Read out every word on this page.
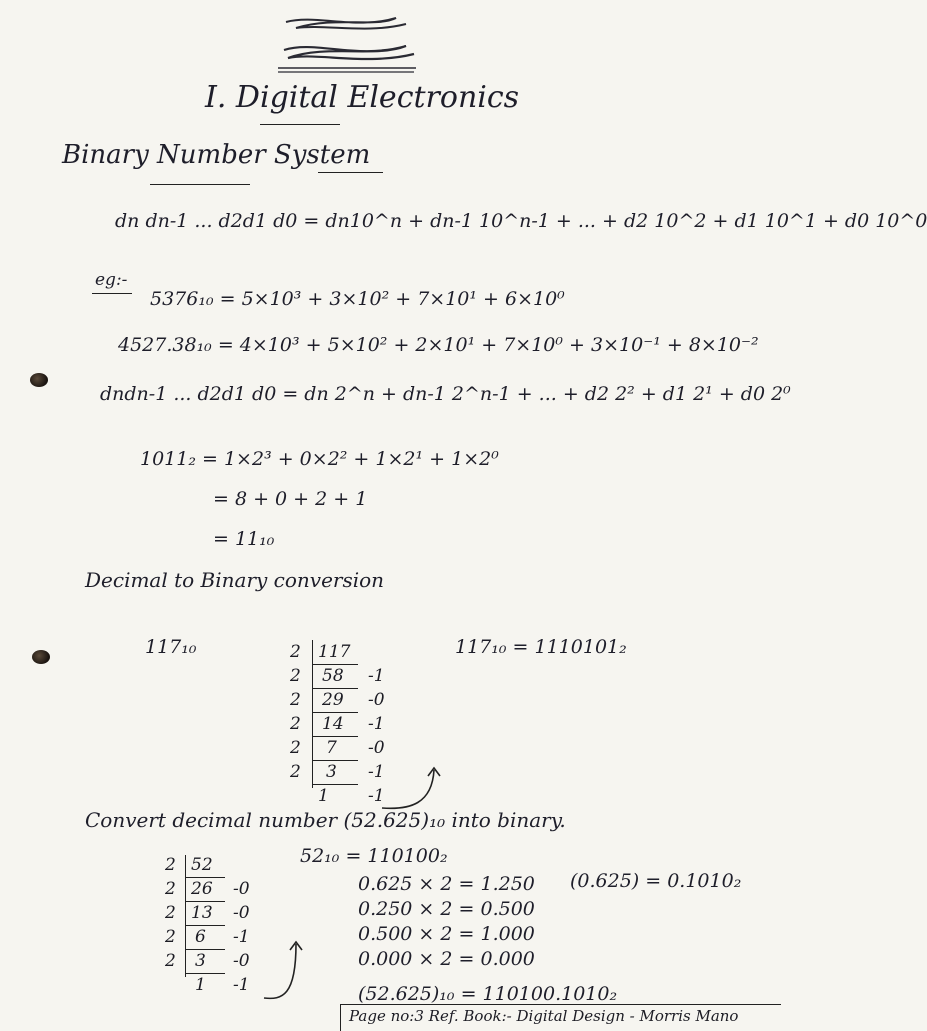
I. Digital Electronics
Binary Number System
dn dn-1 ... d2d1 d0 = dn10^n + dn-1 10^n-1 + ... + d2 10^2 + d1 10^1 + d0 10^0
eg:-
5376₁₀ = 5×10³ + 3×10² + 7×10¹ + 6×10⁰
4527.38₁₀ = 4×10³ + 5×10² + 2×10¹ + 7×10⁰ + 3×10⁻¹ + 8×10⁻²
dndn-1 ... d2d1 d0 = dn 2^n + dn-1 2^n-1 + ... + d2 2² + d1 2¹ + d0 2⁰
1011₂ = 1×2³ + 0×2² + 1×2¹ + 1×2⁰
= 8 + 0 + 2 + 1
= 11₁₀
Decimal to Binary conversion
117₁₀	117₁₀ = 1110101₂
2 117
2 58 -1
2 29 -0
2 14 -1
2 7 -0
2 3 -1
1 -1
Convert decimal number (52.625)₁₀ into binary.
2 52
2 26 -0
2 13 -0
2 6 -1
2 3 -0
1 -1
52₁₀ = 110100₂
0.625 × 2 = 1.250
0.250 × 2 = 0.500
0.500 × 2 = 1.000
0.000 × 2 = 0.000
(0.625) = 0.1010₂
(52.625)₁₀ = 110100.1010₂
Page no:3 Ref. Book:- Digital Design - Morris Mano
